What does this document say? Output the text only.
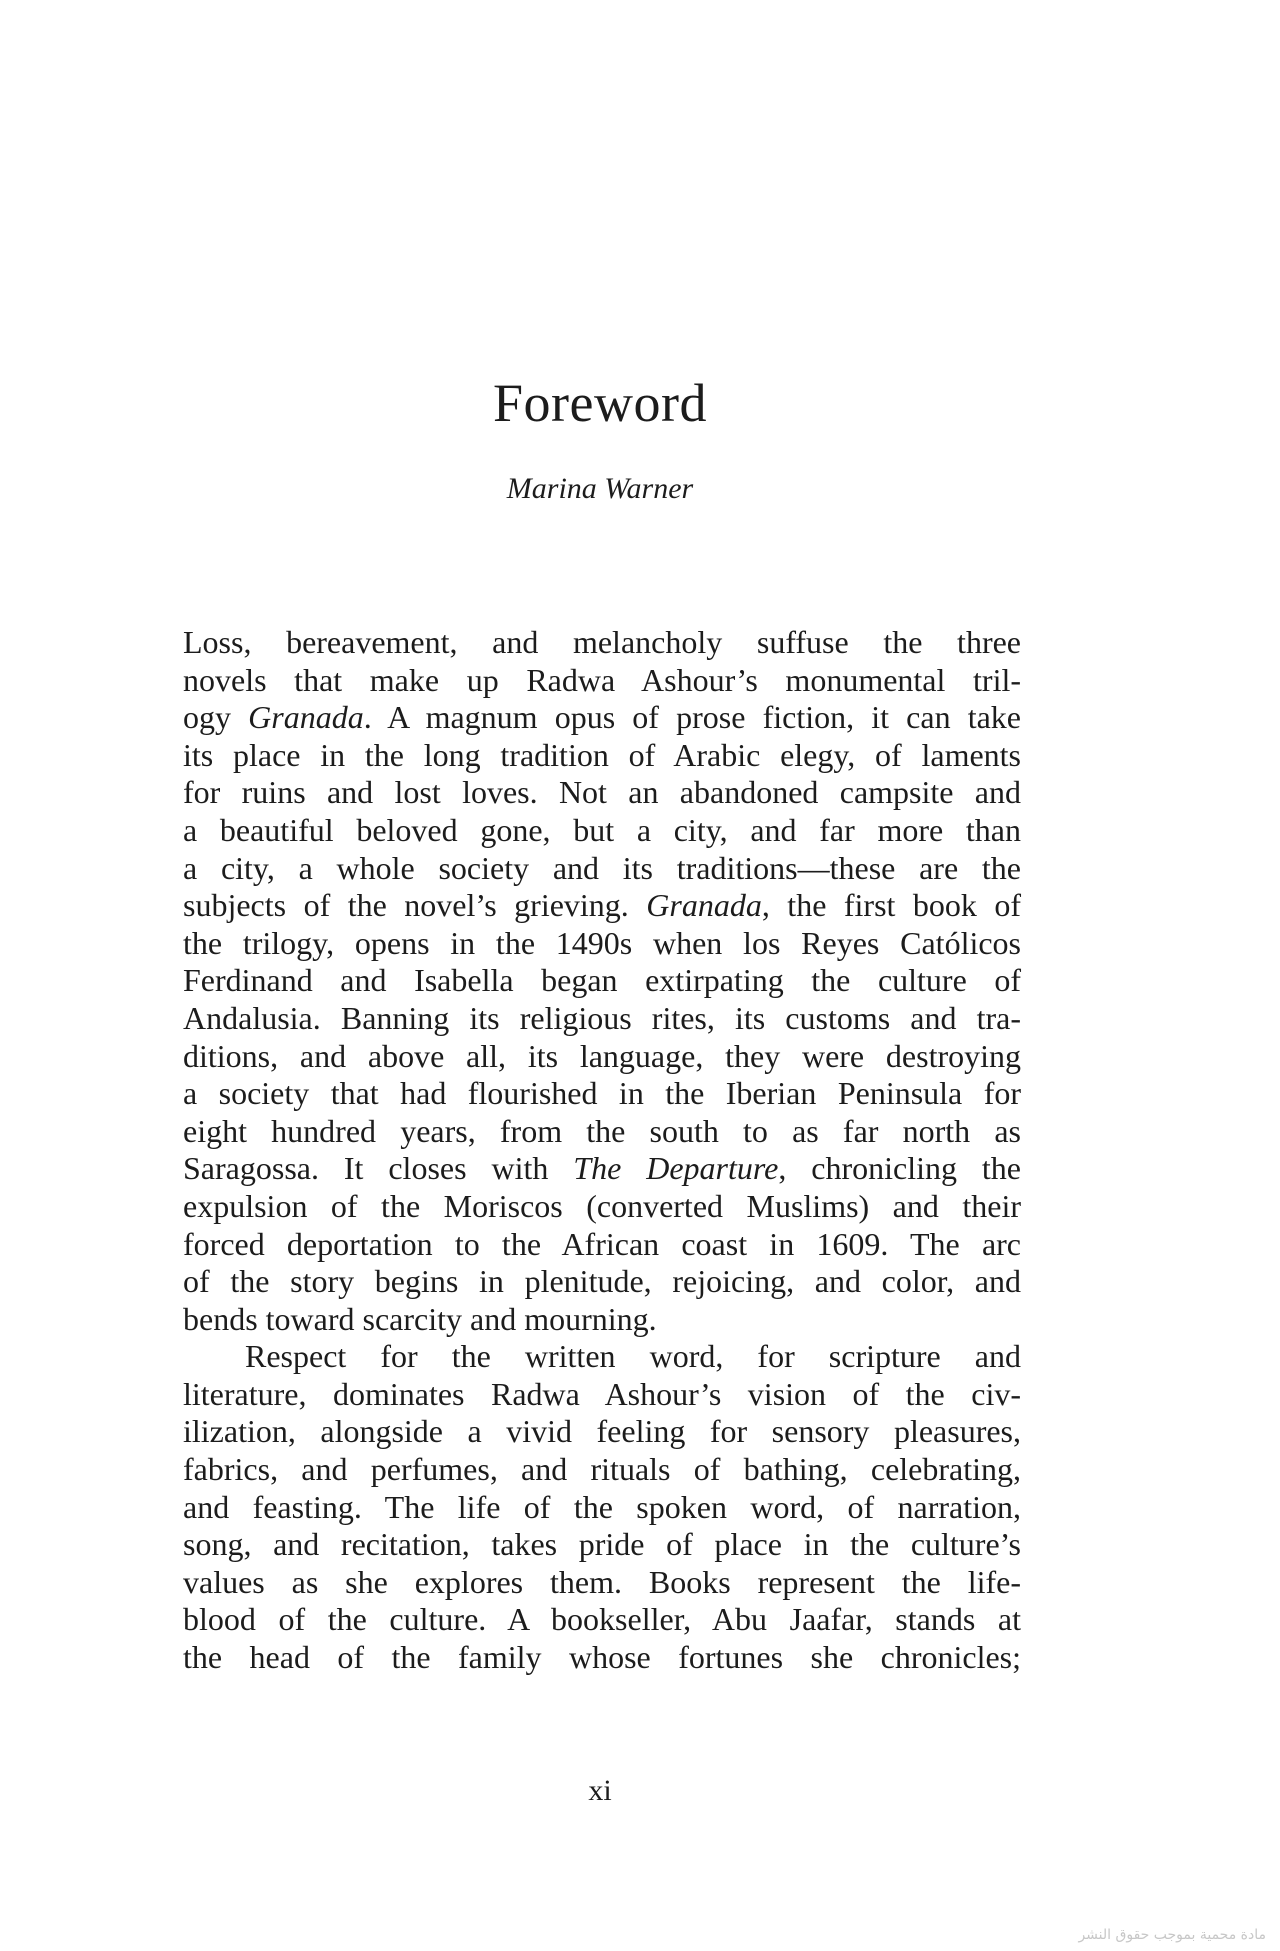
Foreword

Marina Warner

Loss, bereavement, and melancholy suffuse the three
novels that make up Radwa Ashour’s monumental tril-
ogy Granada. A magnum opus of prose fiction, it can take
its place in the long tradition of Arabic elegy, of laments
for ruins and lost loves. Not an abandoned campsite and
a beautiful beloved gone, but a city, and far more than
a city, a whole society and its traditions—these are the
subjects of the novel’s grieving. Granada, the first book of
the trilogy, opens in the 1490s when los Reyes Católicos
Ferdinand and Isabella began extirpating the culture of
Andalusia. Banning its religious rites, its customs and tra-
ditions, and above all, its language, they were destroying
a society that had flourished in the Iberian Peninsula for
eight hundred years, from the south to as far north as
Saragossa. It closes with The Departure, chronicling the
expulsion of the Moriscos (converted Muslims) and their
forced deportation to the African coast in 1609. The arc
of the story begins in plenitude, rejoicing, and color, and
bends toward scarcity and mourning.
Respect for the written word, for scripture and
literature, dominates Radwa Ashour’s vision of the civ-
ilization, alongside a vivid feeling for sensory pleasures,
fabrics, and perfumes, and rituals of bathing, celebrating,
and feasting. The life of the spoken word, of narration,
song, and recitation, takes pride of place in the culture’s
values as she explores them. Books represent the life-
blood of the culture. A bookseller, Abu Jaafar, stands at
the head of the family whose fortunes she chronicles;

xi

مادة محمية بموجب حقوق النشر
